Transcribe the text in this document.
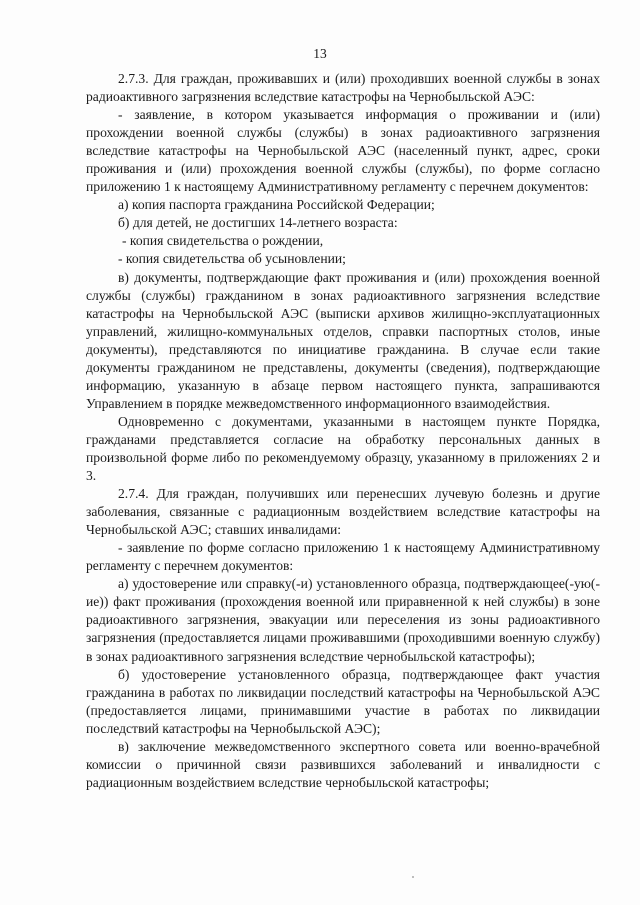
13

2.7.3. Для граждан, проживавших и (или) проходивших военной службы в зонах радиоактивного загрязнения вследствие катастрофы на Чернобыльской АЭС:

- заявление, в котором указывается информация о проживании и (или) прохождении военной службы (службы) в зонах радиоактивного загрязнения вследствие катастрофы на Чернобыльской АЭС (населенный пункт, адрес, сроки проживания и (или) прохождения военной службы (службы), по форме согласно приложению 1 к настоящему Административному регламенту с перечнем документов:

а) копия паспорта гражданина Российской Федерации;

б) для детей, не достигших 14-летнего возраста:

- копия свидетельства о рождении,

- копия свидетельства об усыновлении;

в) документы, подтверждающие факт проживания и (или) прохождения военной службы (службы) гражданином в зонах радиоактивного загрязнения вследствие катастрофы на Чернобыльской АЭС (выписки архивов жилищно-эксплуатационных управлений, жилищно-коммунальных отделов, справки паспортных столов, иные документы), представляются по инициативе гражданина. В случае если такие документы гражданином не представлены, документы (сведения), подтверждающие информацию, указанную в абзаце первом настоящего пункта, запрашиваются Управлением в порядке межведомственного информационного взаимодействия.

Одновременно с документами, указанными в настоящем пункте Порядка, гражданами представляется согласие на обработку персональных данных в произвольной форме либо по рекомендуемому образцу, указанному в приложениях 2 и 3.

2.7.4. Для граждан, получивших или перенесших лучевую болезнь и другие заболевания, связанные с радиационным воздействием вследствие катастрофы на Чернобыльской АЭС; ставших инвалидами:

- заявление по форме согласно приложению 1 к настоящему Административному регламенту с перечнем документов:

а) удостоверение или справку(-и) установленного образца, подтверждающее(-ую(-ие)) факт проживания (прохождения военной или приравненной к ней службы) в зоне радиоактивного загрязнения, эвакуации или переселения из зоны радиоактивного загрязнения (предоставляется лицами проживавшими (проходившими военную службу) в зонах радиоактивного загрязнения вследствие чернобыльской катастрофы);

б) удостоверение установленного образца, подтверждающее факт участия гражданина в работах по ликвидации последствий катастрофы на Чернобыльской АЭС (предоставляется лицами, принимавшими участие в работах по ликвидации последствий катастрофы на Чернобыльской АЭС);

в) заключение межведомственного экспертного совета или военно-врачебной комиссии о причинной связи развившихся заболеваний и инвалидности с радиационным воздействием вследствие чернобыльской катастрофы;
